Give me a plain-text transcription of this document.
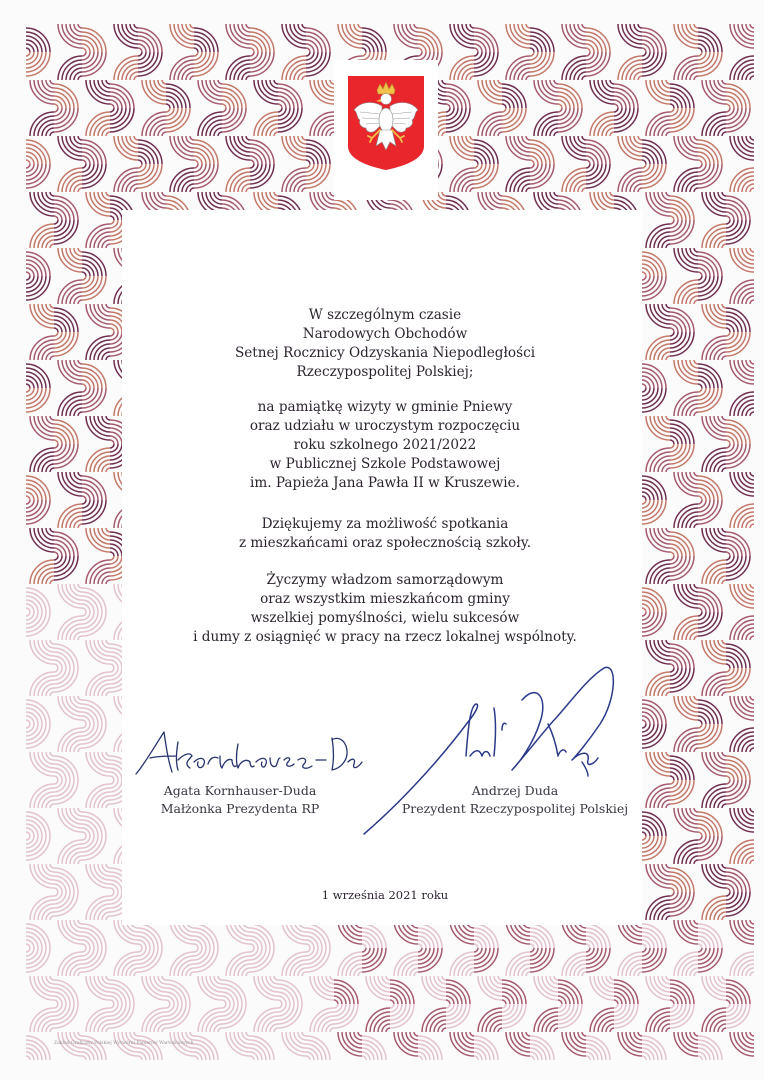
W szczególnym czasie
Narodowych Obchodów
Setnej Rocznicy Odzyskania Niepodległości
Rzeczypospolitej Polskiej;
na pamiątkę wizyty w gminie Pniewy
oraz udziału w uroczystym rozpoczęciu
roku szkolnego 2021/2022
w Publicznej Szkole Podstawowej
im. Papieża Jana Pawła II w Kruszewie.
Dziękujemy za możliwość spotkania
z mieszkańcami oraz społecznością szkoły.
Życzymy władzom samorządowym
oraz wszystkim mieszkańcom gminy
wszelkiej pomyślności, wielu sukcesów
i dumy z osiągnięć w pracy na rzecz lokalnej wspólnoty.
Agata Kornhauser-Duda
Małżonka Prezydenta RP
Andrzej Duda
Prezydent Rzeczypospolitej Polskiej
1 września 2021 roku
Zakład Graficzny Polskiej Wytwórni Papierów Wartościowych
